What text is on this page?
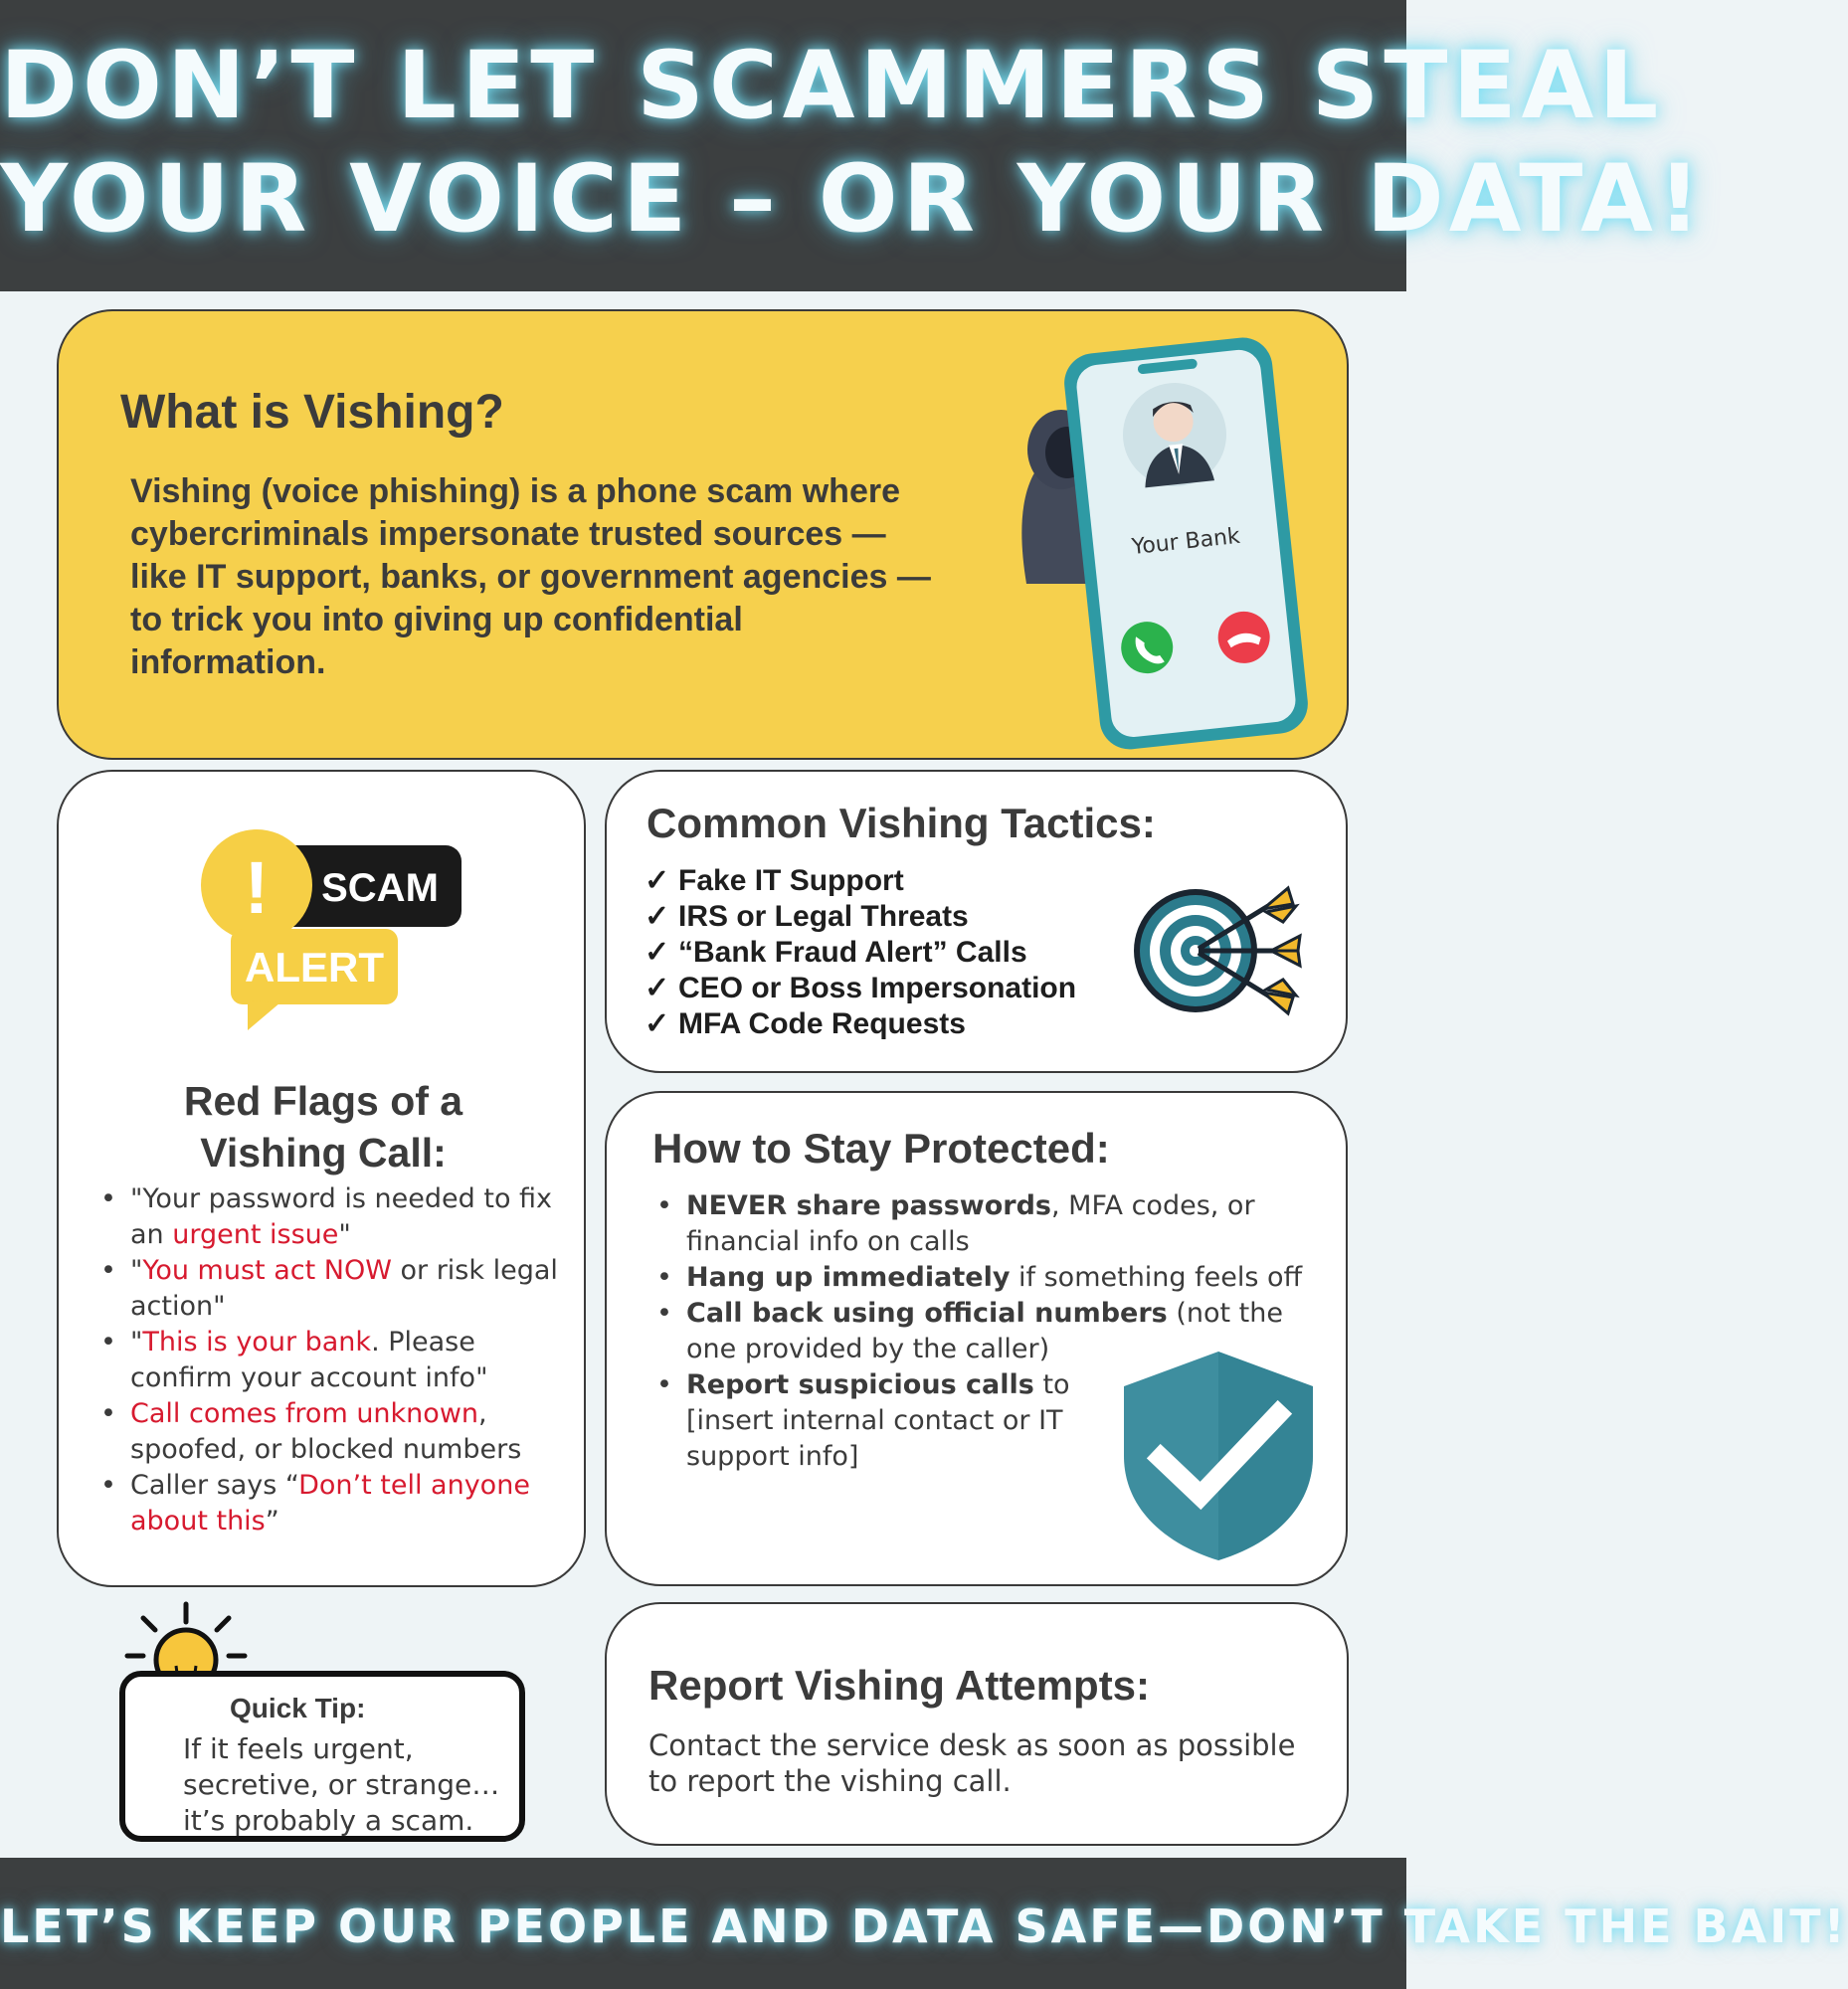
DON’T LET SCAMMERS STEAL
YOUR VOICE – OR YOUR DATA!
What is Vishing?
Vishing (voice phishing) is a phone scam where cybercriminals impersonate trusted sources — like IT support, banks, or government agencies — to trick you into giving up confidential information.
Your Bank
! SCAM
ALERT
Red Flags of a
Vishing Call:
• "Your password is needed to fix an urgent issue"
• "You must act NOW or risk legal action"
• "This is your bank. Please confirm your account info"
• Call comes from unknown, spoofed, or blocked numbers
• Caller says “Don’t tell anyone about this”
Common Vishing Tactics:
✓ Fake IT Support
✓ IRS or Legal Threats
✓ “Bank Fraud Alert” Calls
✓ CEO or Boss Impersonation
✓ MFA Code Requests
How to Stay Protected:
• NEVER share passwords, MFA codes, or financial info on calls
• Hang up immediately if something feels off
• Call back using official numbers (not the one provided by the caller)
• Report suspicious calls to [insert internal contact or IT support info]
Quick Tip:
If it feels urgent,
secretive, or strange…
it’s probably a scam.
Report Vishing Attempts:
Contact the service desk as soon as possible to report the vishing call.
LET’S KEEP OUR PEOPLE AND DATA SAFE—DON’T TAKE THE BAIT!
